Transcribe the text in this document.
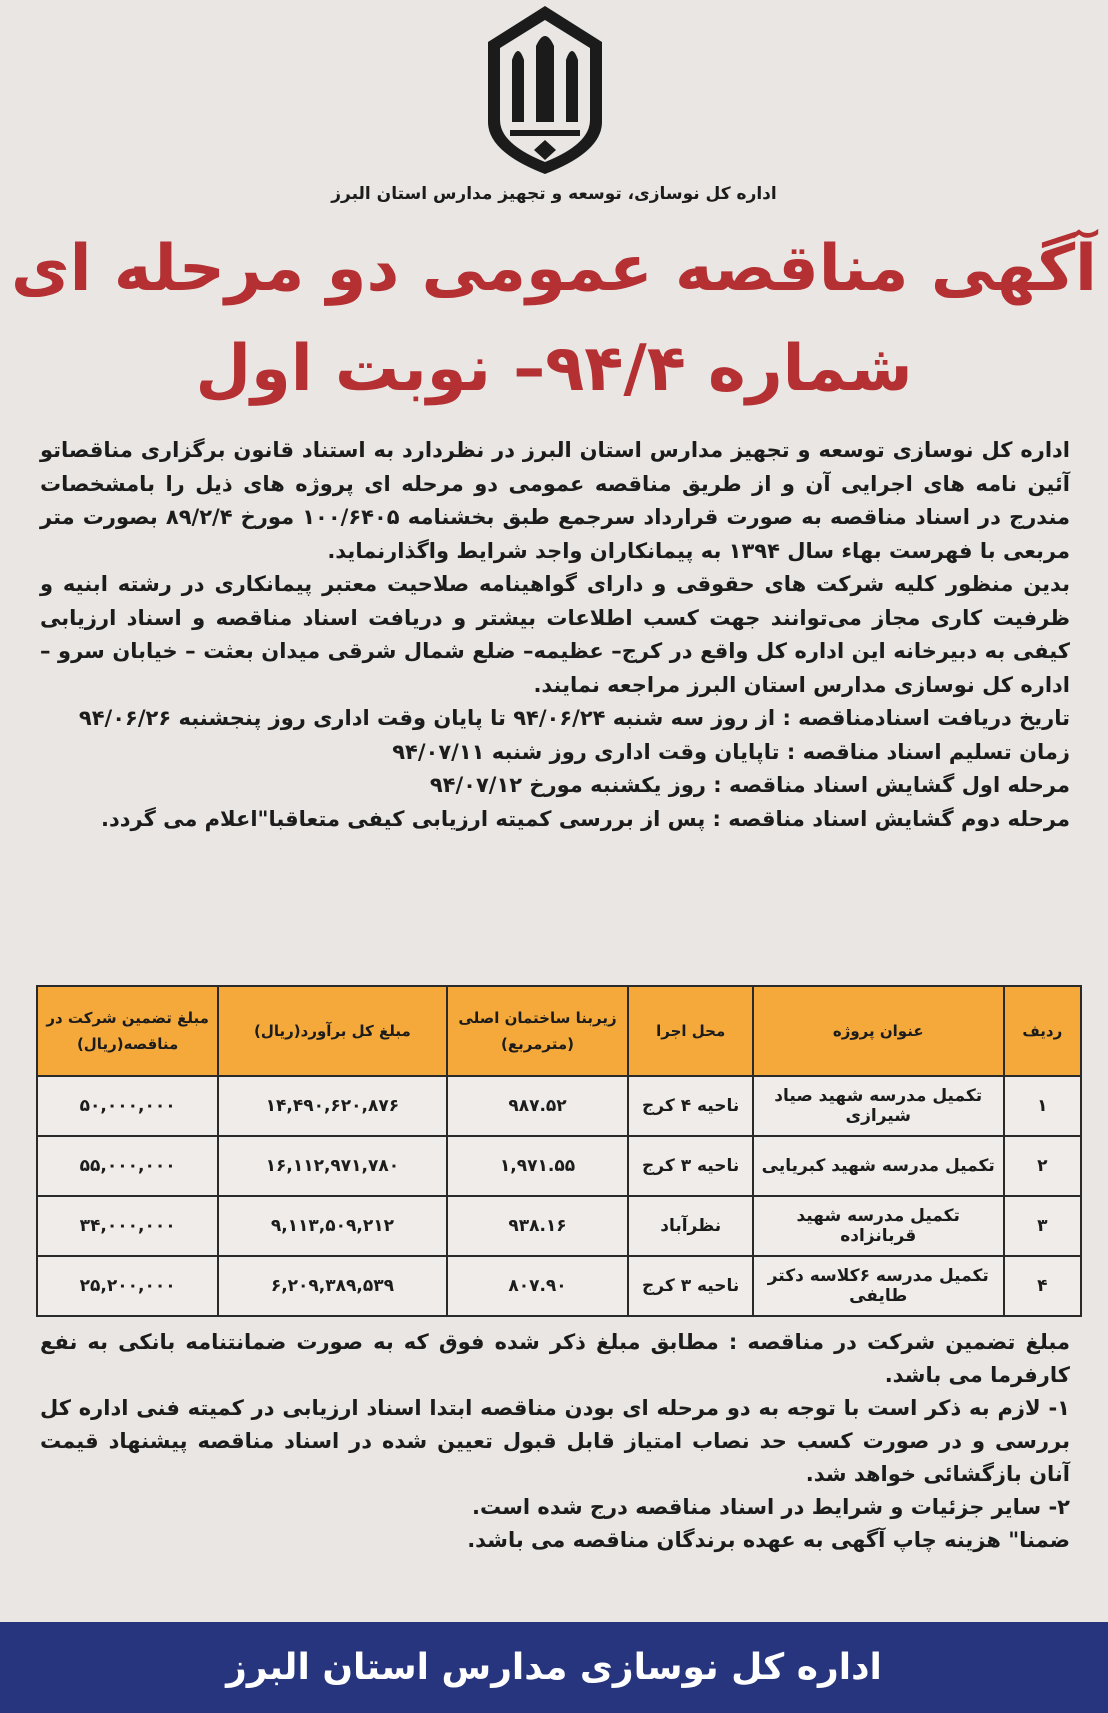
اداره کل نوسازی، توسعه و تجهیز مدارس استان البرز
آگهی مناقصه عمومی دو مرحله ای
شماره ۹۴/۴– نوبت اول

اداره کل نوسازی توسعه و تجهیز مدارس استان البرز در نظردارد به استناد قانون برگزاری مناقصاتو آئین نامه های اجرایی آن و از طریق مناقصه عمومی دو مرحله ای پروژه های ذیل را بامشخصات مندرج در اسناد مناقصه به صورت قرارداد سرجمع طبق بخشنامه ۱۰۰/۶۴۰۵ مورخ ۸۹/۲/۴ بصورت متر مربعی با فهرست بهاء سال ۱۳۹۴ به پیمانکاران واجد شرایط واگذارنماید.

بدین منظور کلیه شرکت های حقوقی و دارای گواهینامه صلاحیت معتبر پیمانکاری در رشته ابنیه و ظرفیت کاری مجاز می‌توانند جهت کسب اطلاعات بیشتر و دریافت اسناد مناقصه و اسناد ارزیابی کیفی به دبیرخانه این اداره کل واقع در کرج– عظیمه– ضلع شمال شرقی میدان بعثت – خیابان سرو – اداره کل نوسازی مدارس استان البرز مراجعه نمایند.

تاریخ دریافت اسنادمناقصه : از روز سه شنبه ۹۴/۰۶/۲۴ تا پایان وقت اداری روز پنجشنبه ۹۴/۰۶/۲۶

زمان تسلیم اسناد مناقصه : تاپایان وقت اداری روز شنبه ۹۴/۰۷/۱۱

مرحله اول گشایش اسناد مناقصه : روز یکشنبه مورخ ۹۴/۰۷/۱۲

مرحله دوم گشایش اسناد مناقصه : پس از بررسی کمیته ارزیابی کیفی متعاقبا"اعلام می گردد.

ردیف	عنوان پروژه	محل اجرا	زیربنا ساختمان اصلی (مترمربع)	مبلغ کل برآورد(ریال)	مبلغ تضمین شرکت در مناقصه(ریال)
۱	تکمیل مدرسه شهید صیاد شیرازی	ناحیه ۴ کرج	۹۸۷.۵۲	۱۴,۴۹۰,۶۲۰,۸۷۶	۵۰,۰۰۰,۰۰۰
۲	تکمیل مدرسه شهید کبریایی	ناحیه ۳ کرج	۱,۹۷۱.۵۵	۱۶,۱۱۲,۹۷۱,۷۸۰	۵۵,۰۰۰,۰۰۰
۳	تکمیل مدرسه شهید قربانزاده	نظرآباد	۹۳۸.۱۶	۹,۱۱۳,۵۰۹,۲۱۲	۳۴,۰۰۰,۰۰۰
۴	تکمیل مدرسه ۶کلاسه دکتر طایفی	ناحیه ۳ کرج	۸۰۷.۹۰	۶,۲۰۹,۳۸۹,۵۳۹	۲۵,۲۰۰,۰۰۰

مبلغ تضمین شرکت در مناقصه : مطابق مبلغ ذکر شده فوق که به صورت ضمانتنامه بانکی به نفع کارفرما می باشد.

۱- لازم به ذکر است با توجه به دو مرحله ای بودن مناقصه ابتدا اسناد ارزیابی در کمیته فنی اداره کل بررسی و در صورت کسب حد نصاب امتیاز قابل قبول تعیین شده در اسناد مناقصه پیشنهاد قیمت آنان بازگشائی خواهد شد.

۲- سایر جزئیات و شرایط در اسناد مناقصه درج شده است.

ضمنا" هزینه چاپ آگهی به عهده برندگان مناقصه می باشد.

اداره کل نوسازی مدارس استان البرز
